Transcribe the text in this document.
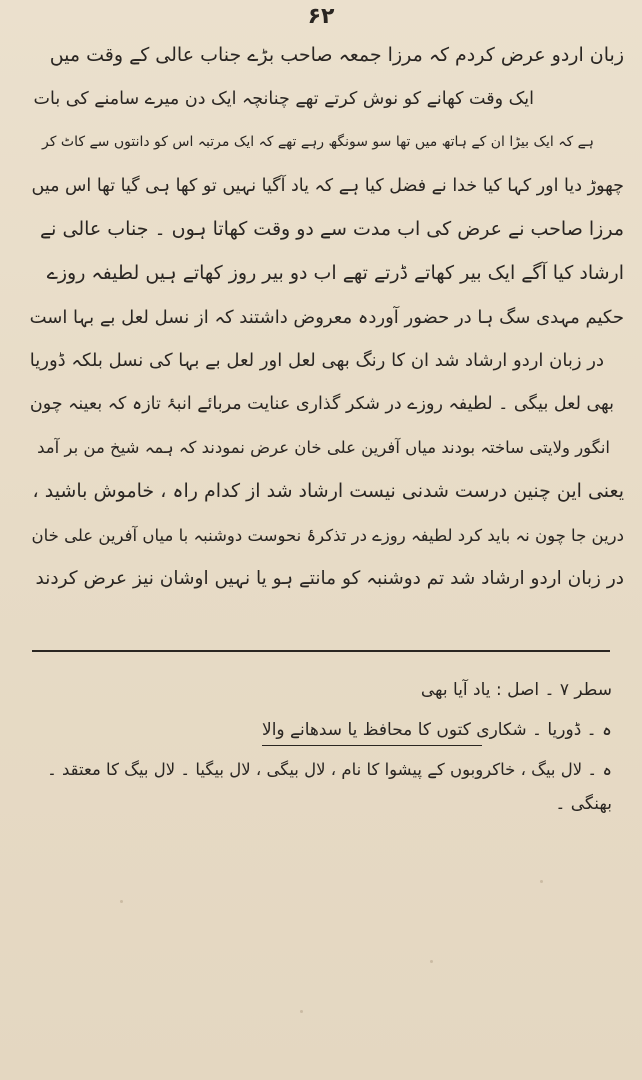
۶۲
زبان اردو عرض کردم کہ مرزا جمعہ صاحب بڑے جناب عالی کے وقت میں
ایک وقت کھانے کو نوش کرتے تھے چنانچہ ایک دن میرے سامنے کی بات
ہے کہ ایک بیڑا ان کے ہاتھ میں تھا سو سونگھ رہے تھے کہ ایک مرتبہ اس کو دانتوں سے کاٹ کر
چھوڑ دیا اور کہا کیا خدا نے فضل کیا ہے کہ یاد آگیا نہیں تو کھا ہی گیا تھا اس میں
مرزا صاحب نے عرض کی اب مدت سے دو وقت کھاتا ہوں ۔ جناب عالی نے
ارشاد کیا آگے ایک بیر کھاتے ڈرتے تھے اب دو بیر روز کھاتے ہیں لطیفہ روزے
حکیم مہدی سگ ہا در حضور آوردہ معروض داشتند کہ از نسل لعل بے بہا است
در زبان اردو ارشاد شد ان کا رنگ بھی لعل اور لعل بے بہا کی نسل بلکہ ڈوریا
بھی لعل بیگی ۔ لطیفہ روزے در شکر گذاری عنایت مربائے انبۂ تازہ کہ بعینہ چون
انگور ولایتی ساختہ بودند میاں آفرین علی خان عرض نمودند کہ ہمہ شیخ من بر آمد
یعنی این چنین درست شدنی نیست ارشاد شد از کدام راہ ، خاموش باشید ،
درین جا چون نہ باید کرد لطیفہ روزے در تذکرۂ نحوست دوشنبہ با میاں آفرین علی خان
در زبان اردو ارشاد شد تم دوشنبہ کو مانتے ہو یا نہیں اوشان نیز عرض کردند
سطر ۷ ۔ اصل : یاد آیا بھی
ہ ۔ ڈوریا ۔ شکاری کتوں کا محافظ یا سدھانے والا
ہ ۔ لال بیگ ، خاکروبوں کے پیشوا کا نام ، لال بیگی ، لال بیگیا ۔ لال بیگ کا معتقد ۔
بھنگی ۔
